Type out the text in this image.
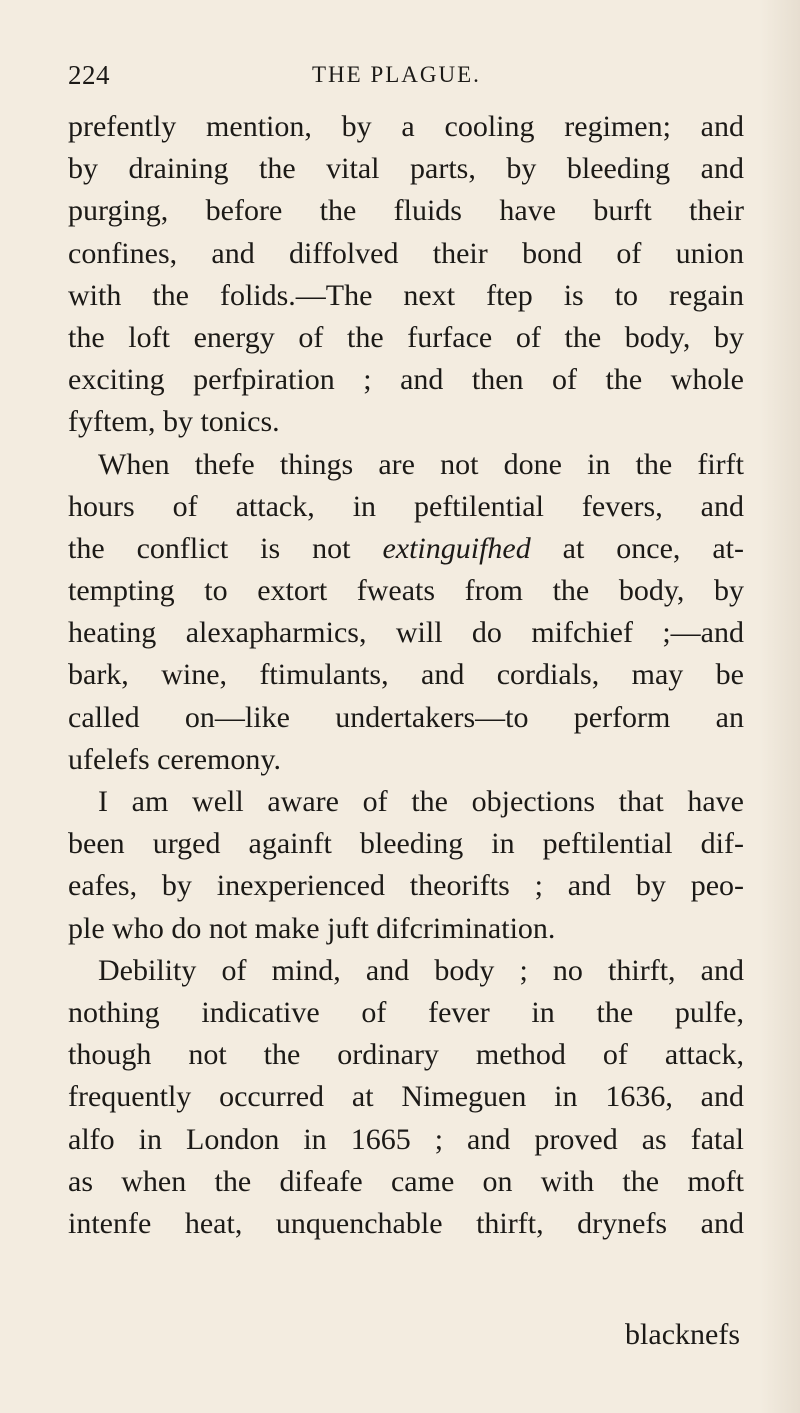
224	THE PLAGUE.
prefently mention, by a cooling regimen; and
by draining the vital parts, by bleeding and
purging, before the fluids have burft their
confines, and diffolved their bond of union
with the folids.—The next ftep is to regain
the loft energy of the furface of the body, by
exciting perfpiration ; and then of the whole
fyftem, by tonics.
When thefe things are not done in the firft
hours of attack, in peftilential fevers, and
the conflict is not extinguifhed at once, at-
tempting to extort fweats from the body, by
heating alexapharmics, will do mifchief ;—and
bark, wine, ftimulants, and cordials, may be
called on—like undertakers—to perform an
ufelefs ceremony.
I am well aware of the objections that have
been urged againft bleeding in peftilential dif-
eafes, by inexperienced theorifts ; and by peo-
ple who do not make juft difcrimination.
Debility of mind, and body ; no thirft, and
nothing indicative of fever in the pulfe,
though not the ordinary method of attack,
frequently occurred at Nimeguen in 1636, and
alfo in London in 1665 ; and proved as fatal
as when the difeafe came on with the moft
intenfe heat, unquenchable thirft, drynefs and
blacknefs
